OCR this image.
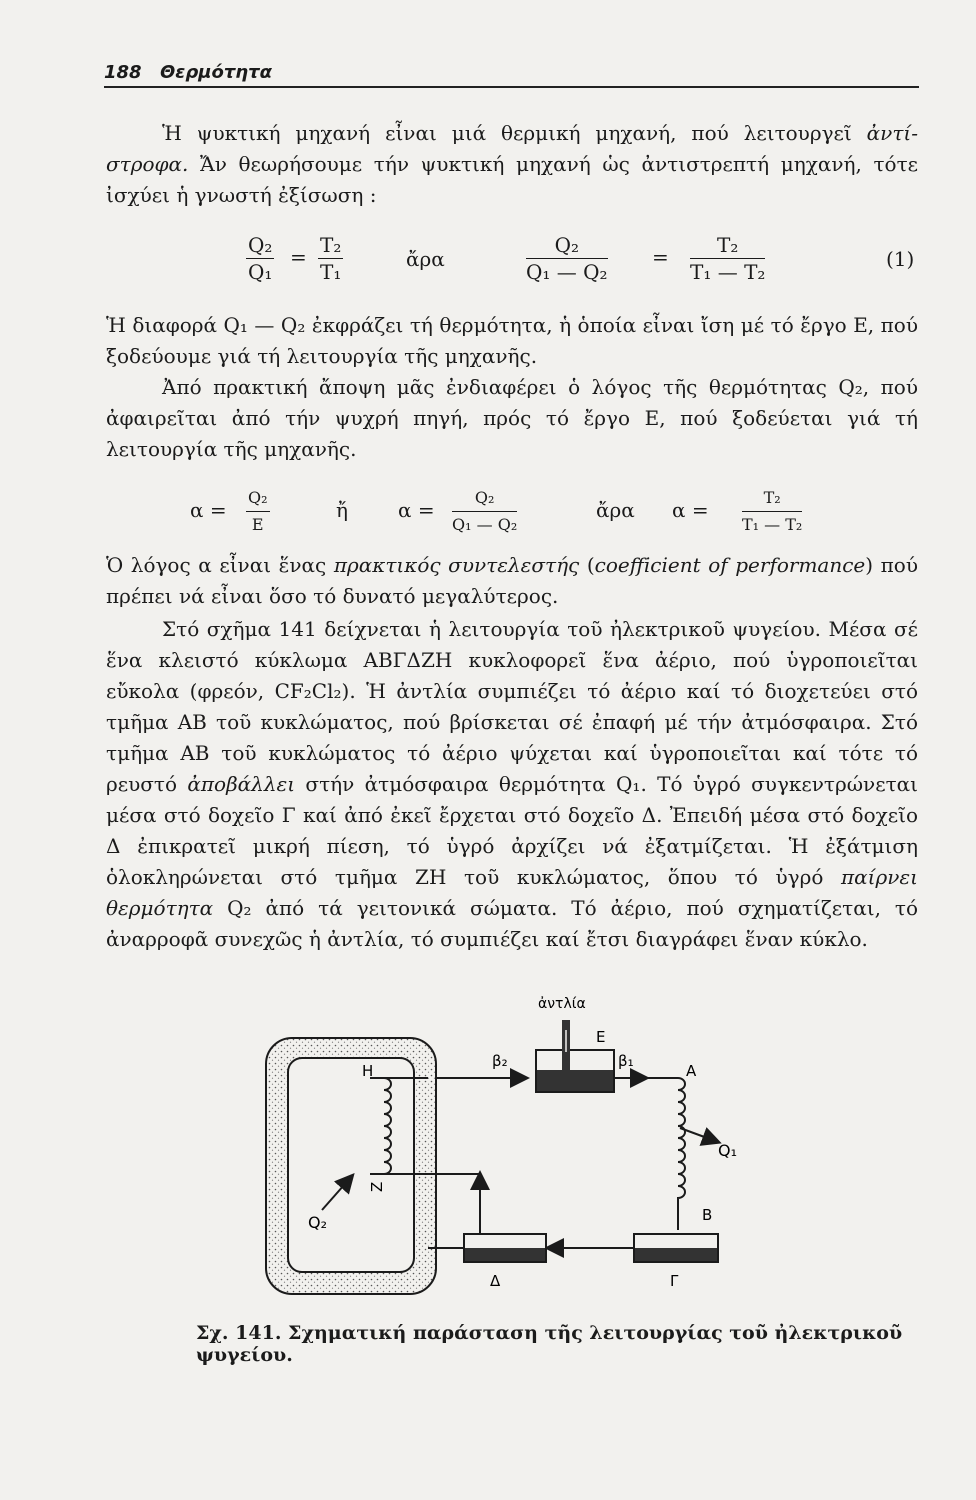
188 Θερμότητα

Ἡ ψυκτική μηχανή εἶναι μιά θερμική μηχανή, πού λειτουργεῖ ἀντί-στροφα. Ἄν θεωρήσουμε τήν ψυκτική μηχανή ὡς ἀντιστρεπτή μηχανή, τότε ἰσχύει ἡ γνωστή ἐξίσωση :

$\frac{\text{Q₂}}{\text{Q₁}} = \frac{\text{T₂}}{\text{T₁}}$	ἄρα	$\frac{\text{Q₂}}{\text{Q₁ — Q₂}} = \frac{\text{T₂}}{\text{T₁ — T₂}}$	(1)

Ἡ διαφορά Q₁ — Q₂ ἐκφράζει τή θερμότητα, ἡ ὁποία εἶναι ἴση μέ τό ἔργο Ε, πού ξοδεύουμε γιά τή λειτουργία τῆς μηχανῆς.

Ἀπό πρακτική ἄποψη μᾶς ἐνδιαφέρει ὁ λόγος τῆς θερμότητας Q₂, πού ἀφαιρεῖται ἀπό τήν ψυχρή πηγή, πρός τό ἔργο Ε, πού ξοδεύεται γιά τή λειτουργία τῆς μηχανῆς.

$\alpha = \frac{\text{Q₂}}{E}$	ἤ	$\alpha = \frac{\text{Q₂}}{\text{Q₁ — Q₂}}$	ἄρα $\alpha = \frac{\text{T₂}}{\text{T₁ — T₂}}$

Ὁ λόγος α εἶναι ἕνας πρακτικός συντελεστής (coefficient of performance) πού πρέπει νά εἶναι ὅσο τό δυνατό μεγαλύτερος.

Στό σχῆμα 141 δείχνεται ἡ λειτουργία τοῦ ἠλεκτρικοῦ ψυγείου. Μέσα σέ ἕνα κλειστό κύκλωμα ΑΒΓΔΖΗ κυκλοφορεῖ ἕνα ἀέριο, πού ὑγροποιεῖται εὔκολα (φρεόν, CF₂Cl₂). Ἡ ἀντλία συμπιέζει τό ἀέριο καί τό διοχετεύει στό τμῆμα ΑΒ τοῦ κυκλώματος, πού βρίσκεται σέ ἐπαφή μέ τήν ἀτμόσφαιρα. Στό τμῆμα ΑΒ τοῦ κυκλώματος τό ἀέριο ψύχεται καί ὑγροποιεῖται καί τότε τό ρευστό ἀποβάλλει στήν ἀτμόσφαιρα θερμότητα Q₁. Τό ὑγρό συγκεντρώνεται μέσα στό δοχεῖο Γ καί ἀπό ἐκεῖ ἔρχεται στό δοχεῖο Δ. Ἐπειδή μέσα στό δοχεῖο Δ ἐπικρατεῖ μικρή πίεση, τό ὑγρό ἀρχίζει νά ἐξατμίζεται. Ἡ ἐξάτμιση ὁλοκληρώνεται στό τμῆμα ΖΗ τοῦ κυκλώματος, ὅπου τό ὑγρό παίρνει θερμότητα Q₂ ἀπό τά γειτονικά σώματα. Τό ἀέριο, πού σχηματίζεται, τό ἀναρροφᾶ συνεχῶς ἡ ἀντλία, τό συμπιέζει καί ἔτσι διαγράφει ἕναν κύκλο.

H
Z
Q₂
β₂
ἀντλία
E
β₁
A
B
Q₁
Γ
Δ
Σχ. 141. Σχηματική παράσταση τῆς λειτουργίας τοῦ ἠλεκτρικοῦ ψυγείου.
